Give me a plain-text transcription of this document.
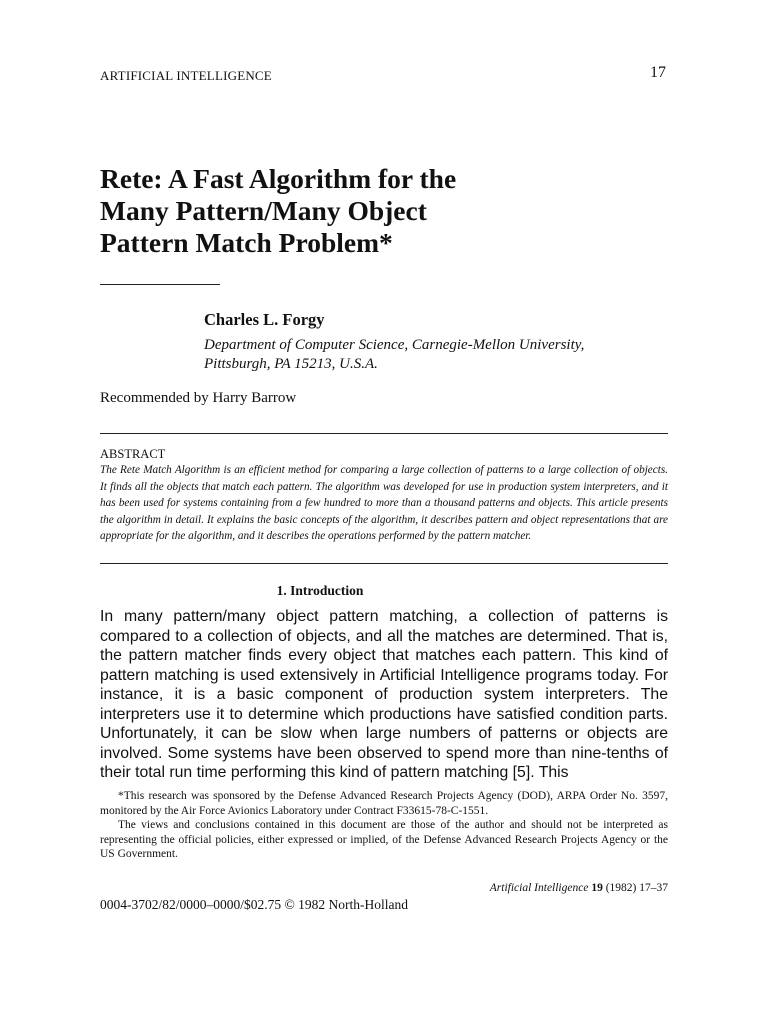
ARTIFICIAL INTELLIGENCE	17
Rete: A Fast Algorithm for the
Many Pattern/Many Object
Pattern Match Problem*
Charles L. Forgy
Department of Computer Science, Carnegie-Mellon University,
Pittsburgh, PA 15213, U.S.A.
Recommended by Harry Barrow
ABSTRACT
The Rete Match Algorithm is an efficient method for comparing a large collection of patterns to a large collection of objects. It finds all the objects that match each pattern. The algorithm was developed for use in production system interpreters, and it has been used for systems containing from a few hundred to more than a thousand patterns and objects. This article presents the algorithm in detail. It explains the basic concepts of the algorithm, it describes pattern and object representations that are appropriate for the algorithm, and it describes the operations performed by the pattern matcher.
1. Introduction
In many pattern/many object pattern matching, a collection of patterns is compared to a collection of objects, and all the matches are determined. That is, the pattern matcher finds every object that matches each pattern. This kind of pattern matching is used extensively in Artificial Intelligence programs today. For instance, it is a basic component of production system interpreters. The interpreters use it to determine which productions have satisfied condition parts. Unfortunately, it can be slow when large numbers of patterns or objects are involved. Some systems have been observed to spend more than nine-tenths of their total run time performing this kind of pattern matching [5]. This

*This research was sponsored by the Defense Advanced Research Projects Agency (DOD), ARPA Order No. 3597, monitored by the Air Force Avionics Laboratory under Contract F33615-78-C-1551.

The views and conclusions contained in this document are those of the author and should not be interpreted as representing the official policies, either expressed or implied, of the Defense Advanced Research Projects Agency or the US Government.

Artificial Intelligence 19 (1982) 17–37
0004-3702/82/0000–0000/$02.75 © 1982 North-Holland
